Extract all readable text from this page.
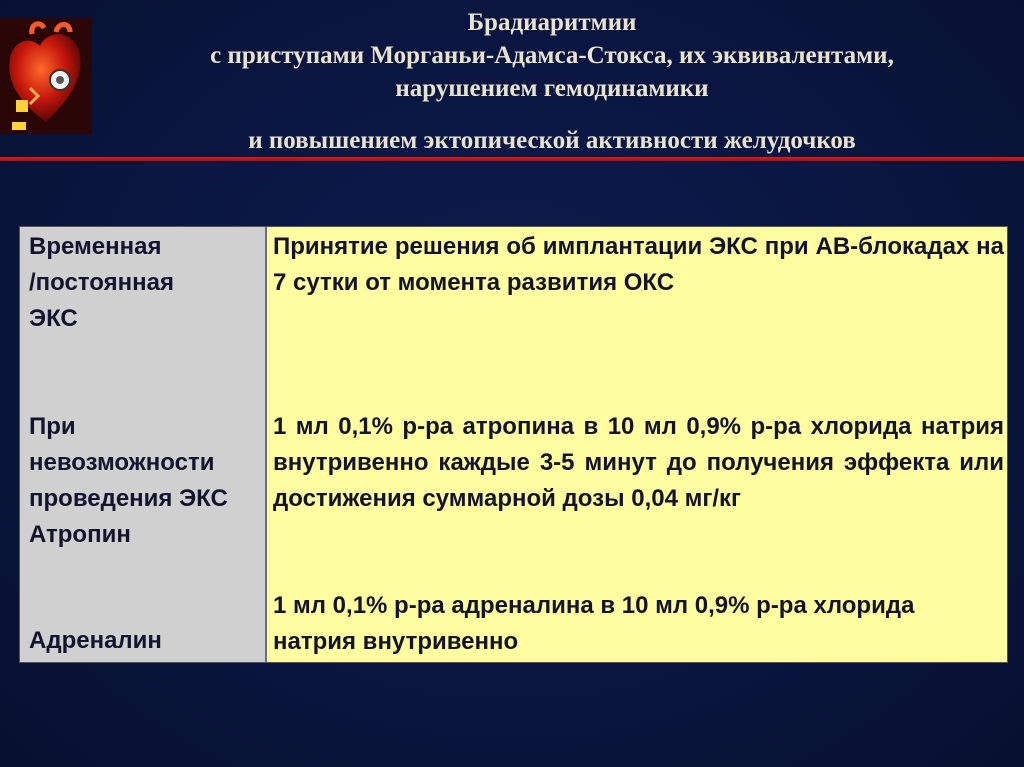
Брадиаритмии
с приступами Морганьи-Адамса-Стокса, их эквивалентами,
нарушением гемодинамики
и повышением эктопической активности желудочков
Временная
/постоянная
ЭКС
При
невозможности
проведения ЭКС
Атропин
Адреналин
Принятие решения об имплантации ЭКС при АВ-блокадах на 7 сутки от момента развития ОКС
1 мл 0,1% р-ра атропина в 10 мл 0,9% р-ра хлорида натрия внутривенно каждые 3-5 минут до получения эффекта или достижения суммарной дозы 0,04 мг/кг
1 мл 0,1% р-ра адреналина в 10 мл 0,9% р-ра хлорида натрия внутривенно
